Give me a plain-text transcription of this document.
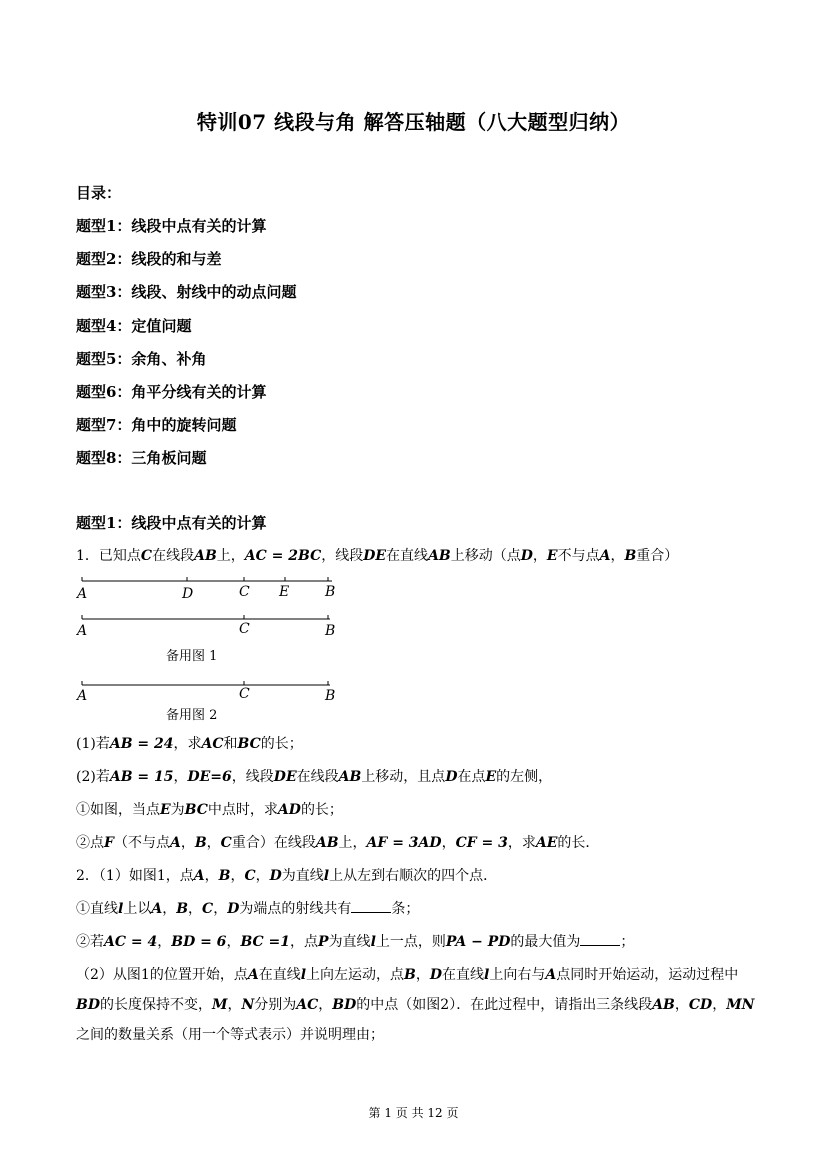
特训07 线段与角 解答压轴题（八大题型归纳）
目录：
题型1：线段中点有关的计算
题型2：线段的和与差
题型3：线段、射线中的动点问题
题型4：定值问题
题型5：余角、补角
题型6：角平分线有关的计算
题型7：角中的旋转问题
题型8：三角板问题
题型1：线段中点有关的计算
1．已知点C在线段AB上，AC = 2BC，线段DE在直线AB上移动（点D，E不与点A，B重合）
A	D	C E	B
A	C	B
备用图 1
A	C	B
备用图 2
(1)若AB = 24，求AC和BC的长；
(2)若AB = 15，DE=6，线段DE在线段AB上移动，且点D在点E的左侧，
①如图，当点E为BC中点时，求AD的长；
②点F（不与点A，B，C重合）在线段AB上，AF = 3AD，CF = 3，求AE的长．
2．（1）如图1，点A，B，C，D为直线l上从左到右顺次的四个点．
①直线l上以A，B，C，D为端点的射线共有	条；
②若AC = 4，BD = 6，BC =1，点P为直线l上一点，则PA − PD的最大值为	；
（2）从图1的位置开始，点A在直线l上向左运动，点B，D在直线l上向右与A点同时开始运动，运动过程中BD的长度保持不变，M，N分别为AC，BD的中点（如图2）．在此过程中，请指出三条线段AB，CD，MN之间的数量关系（用一个等式表示）并说明理由；
第 1 页 共 12 页
